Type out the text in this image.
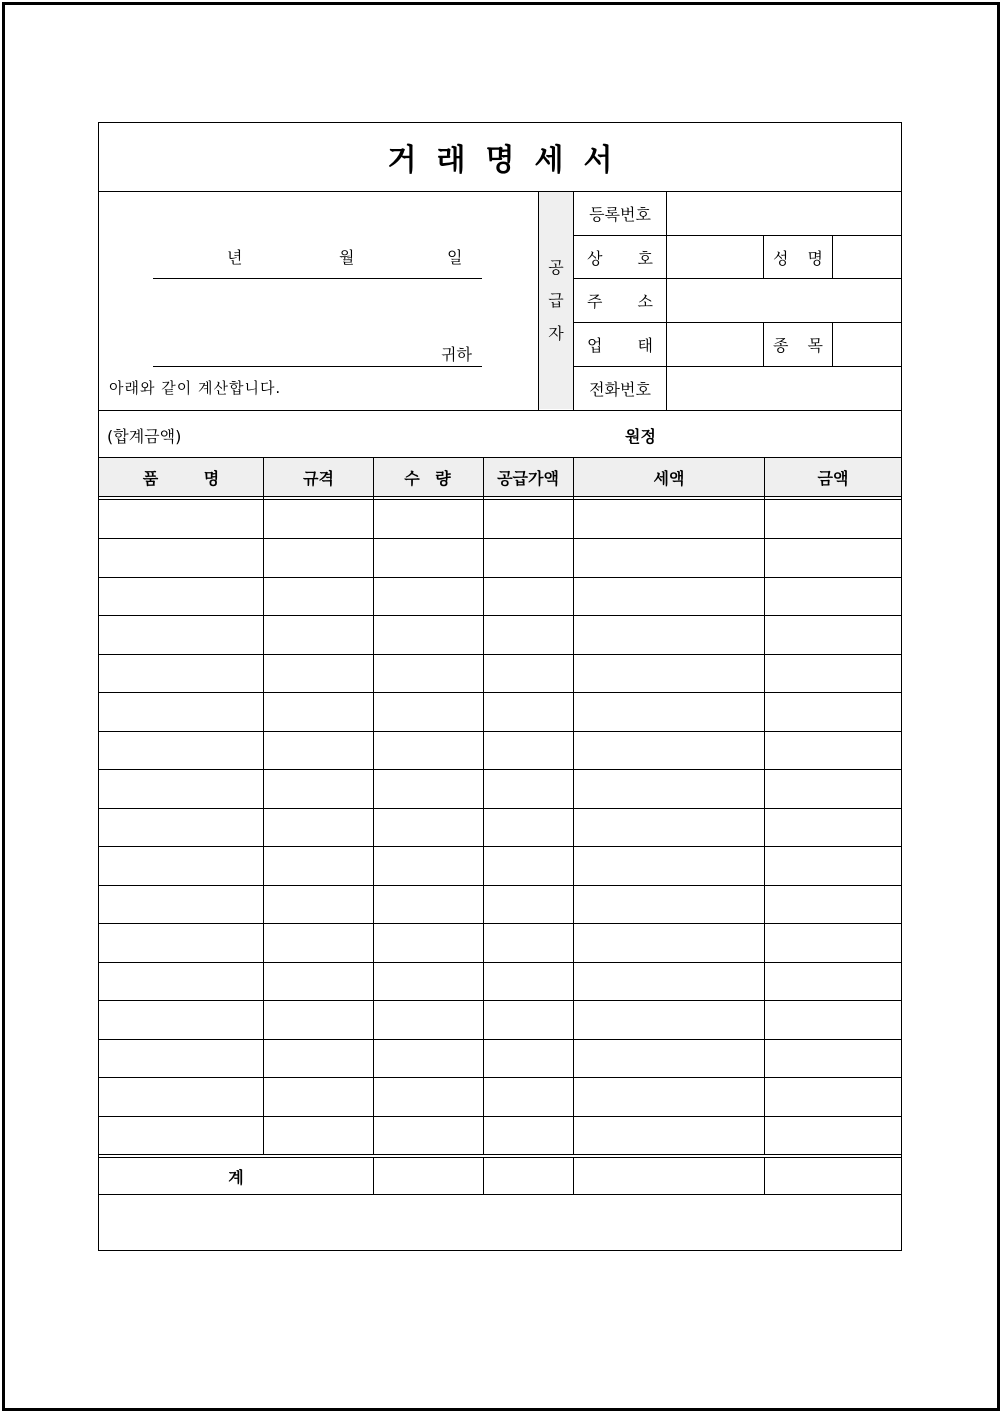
거래명세서
년	월	일
귀하
아래와 같이 계산합니다.
공
급
자
등록번호
상 호	성 명
주 소
업 태	종 목
전화번호
(합계금액)	원정
품 명	규격	수 량	공급가액	세액	금액
계
